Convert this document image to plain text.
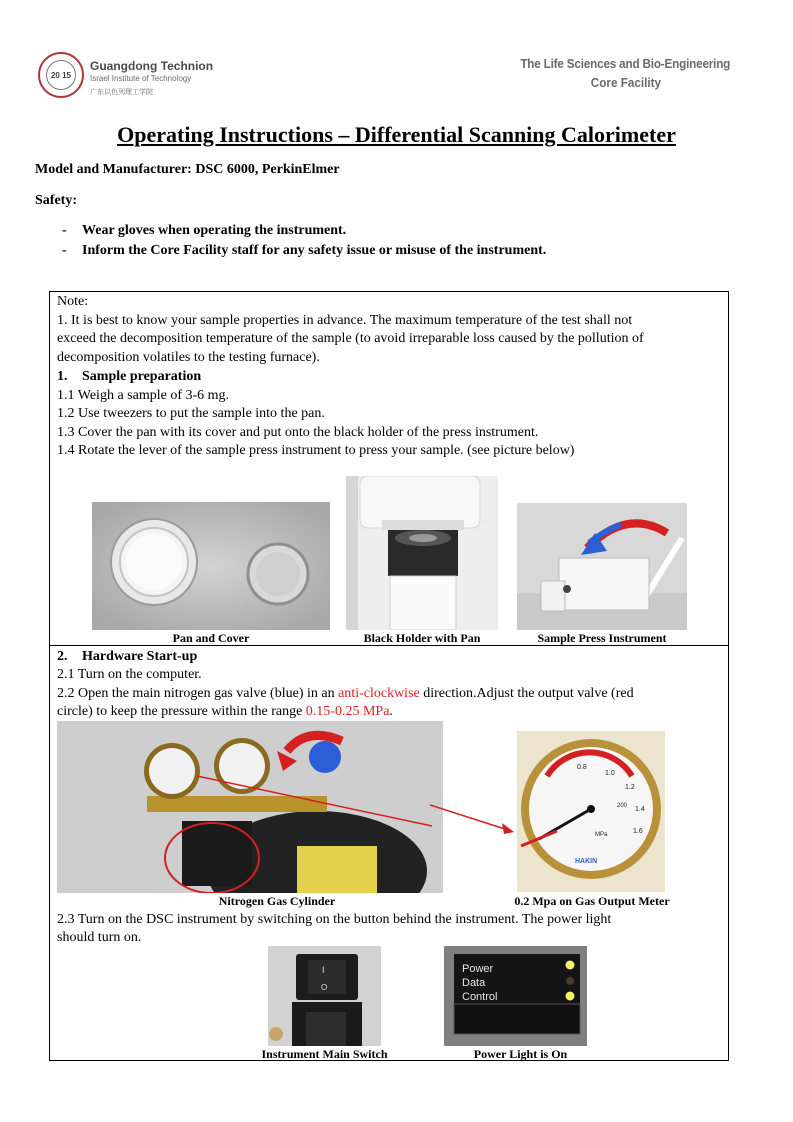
20 15
Guangdong Technion
Israel Institute of Technology
广东以色列理工学院
The Life Sciences and Bio-Engineering
Core Facility
Operating Instructions – Differential Scanning Calorimeter
Model and Manufacturer: DSC 6000, PerkinElmer
Safety:
- Wear gloves when operating the instrument.
- Inform the Core Facility staff for any safety issue or misuse of the instrument.
Note:
1. It is best to know your sample properties in advance. The maximum temperature of the test shall not
exceed the decomposition temperature of the sample (to avoid irreparable loss caused by the pollution of
decomposition volatiles to the testing furnace).
1. Sample preparation
1.1 Weigh a sample of 3-6 mg.
1.2 Use tweezers to put the sample into the pan.
1.3 Cover the pan with its cover and put onto the black holder of the press instrument.
1.4 Rotate the lever of the sample press instrument to press your sample. (see picture below)
Pan and Cover	Black Holder with Pan	Sample Press Instrument
2. Hardware Start-up
2.1 Turn on the computer.
2.2 Open the main nitrogen gas valve (blue) in an anti-clockwise direction.Adjust the output valve (red
circle) to keep the pressure within the range 0.15-0.25 MPa.
Nitrogen Gas Cylinder
0.8
1.0
1.2
1.4
1.6
200
MPa
HAKIN
0.2 Mpa on Gas Output Meter
2.3 Turn on the DSC instrument by switching on the button behind the instrument. The power light
should turn on.
I
O
Instrument Main Switch
Power
Data
Control
Power Light is On
